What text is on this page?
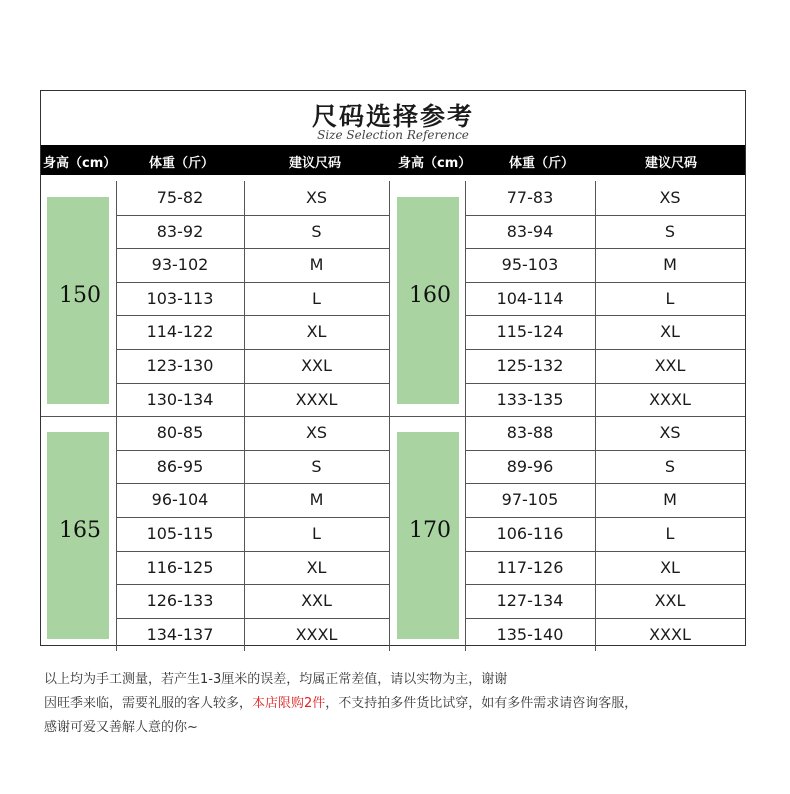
尺码选择参考
Size Selection Reference
身高（cm）	体重（斤）	建议尺码	身高（cm）	体重（斤）	建议尺码
150
75-82	XS
83-92	S
93-102	M
103-113	L
114-122	XL
123-130	XXL
130-134	XXXL
160
77-83	XS
83-94	S
95-103	M
104-114	L
115-124	XL
125-132	XXL
133-135	XXXL
165
80-85	XS
86-95	S
96-104	M
105-115	L
116-125	XL
126-133	XXL
134-137	XXXL
170
83-88	XS
89-96	S
97-105	M
106-116	L
117-126	XL
127-134	XXL
135-140	XXXL
以上均为手工测量，若产生1-3厘米的误差，均属正常差值，请以实物为主，谢谢
因旺季来临，需要礼服的客人较多，本店限购2件，不支持拍多件货比试穿，如有多件需求请咨询客服，
感谢可爱又善解人意的你~
